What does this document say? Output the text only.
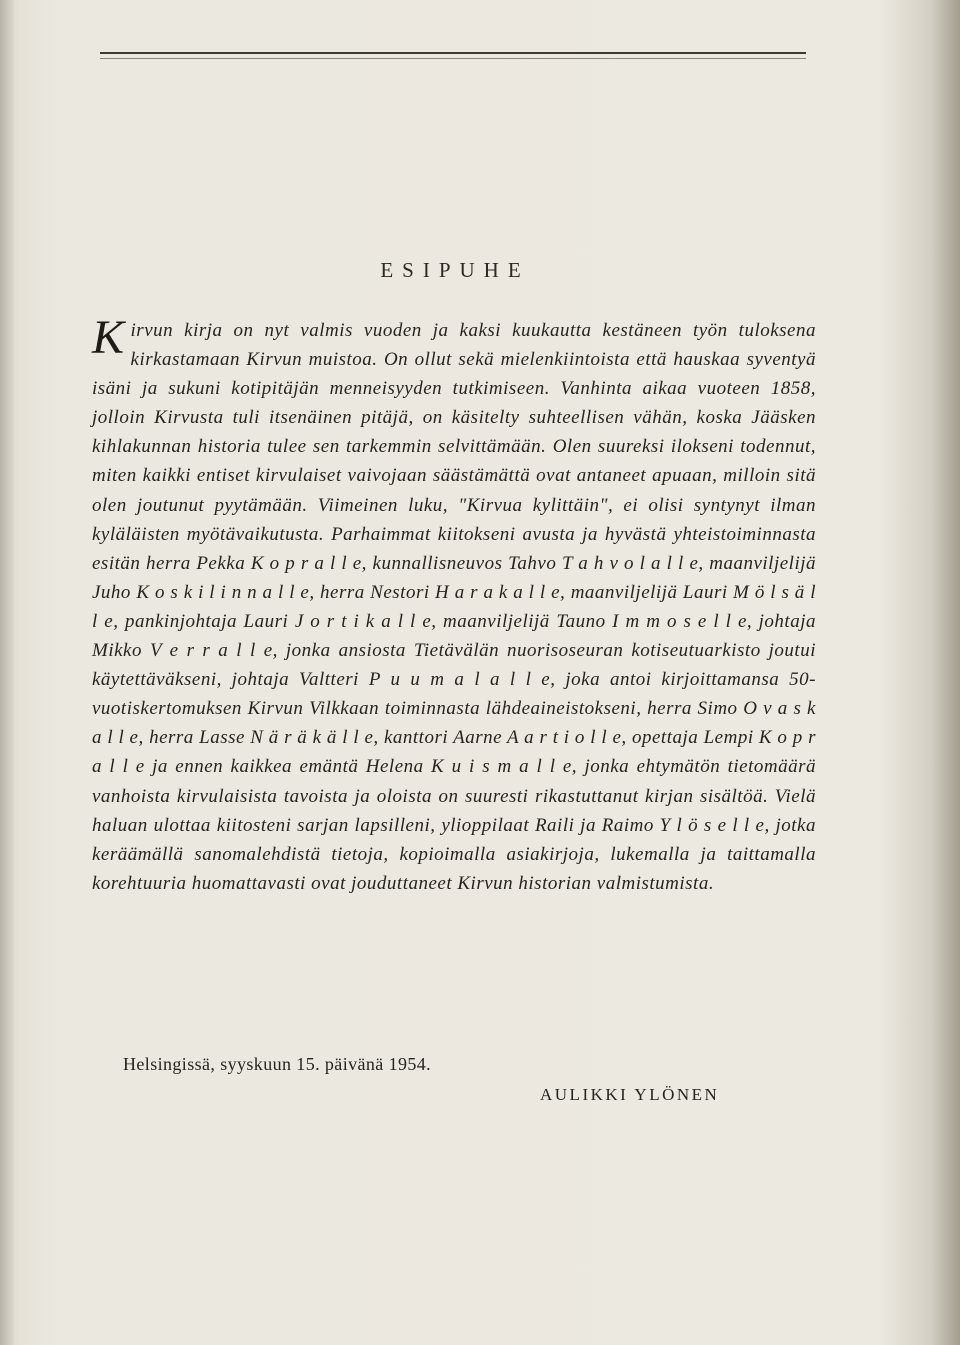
ESIPUHE
Kirvun kirja on nyt valmis vuoden ja kaksi kuukautta kestäneen työn tuloksena kirkastamaan Kirvun muistoa. On ollut sekä mielenkiintoista että hauskaa syventyä isäni ja sukuni kotipitäjän menneisyyden tutkimiseen. Vanhinta aikaa vuoteen 1858, jolloin Kirvusta tuli itsenäinen pitäjä, on käsitelty suhteellisen vähän, koska Jääsken kihlakunnan historia tulee sen tarkemmin selvittämään. Olen suureksi ilokseni todennut, miten kaikki entiset kirvulaiset vaivojaan säästämättä ovat antaneet apuaan, milloin sitä olen joutunut pyytämään. Viimeinen luku, "Kirvua kylittäin", ei olisi syntynyt ilman kyläläisten myötävaikutusta. Parhaimmat kiitokseni avusta ja hyvästä yhteistoiminnasta esitän herra Pekka K o p r a l l e, kunnallisneuvos Tahvo T a h v o l a l l e, maanviljelijä Juho K o s k i l i n n a l l e, herra Nestori H a r a k a l l e, maanviljelijä Lauri M ö l s ä l l e, pankinjohtaja Lauri J o r t i k a l l e, maanviljelijä Tauno I m m o s e l l e, johtaja Mikko V e r r a l l e, jonka ansiosta Tietävälän nuorisoseuran kotiseutuarkisto joutui käytettäväkseni, johtaja Valtteri P u u m a l a l l e, joka antoi kirjoittamansa 50-vuotiskertomuksen Kirvun Vilkkaan toiminnasta lähdeaineistokseni, herra Simo O v a s k a l l e, herra Lasse N ä r ä k ä l l e, kanttori Aarne A a r t i o l l e, opettaja Lempi K o p r a l l e ja ennen kaikkea emäntä Helena K u i s m a l l e, jonka ehtymätön tietomäärä vanhoista kirvulaisista tavoista ja oloista on suuresti rikastuttanut kirjan sisältöä. Vielä haluan ulottaa kiitosteni sarjan lapsilleni, ylioppilaat Raili ja Raimo Y l ö s e l l e, jotka keräämällä sanomalehdistä tietoja, kopioimalla asiakirjoja, lukemalla ja taittamalla korehtuuria huomattavasti ovat jouduttaneet Kirvun historian valmistumista.
Helsingissä, syyskuun 15. päivänä 1954.
AULIKKI YLÖNEN
